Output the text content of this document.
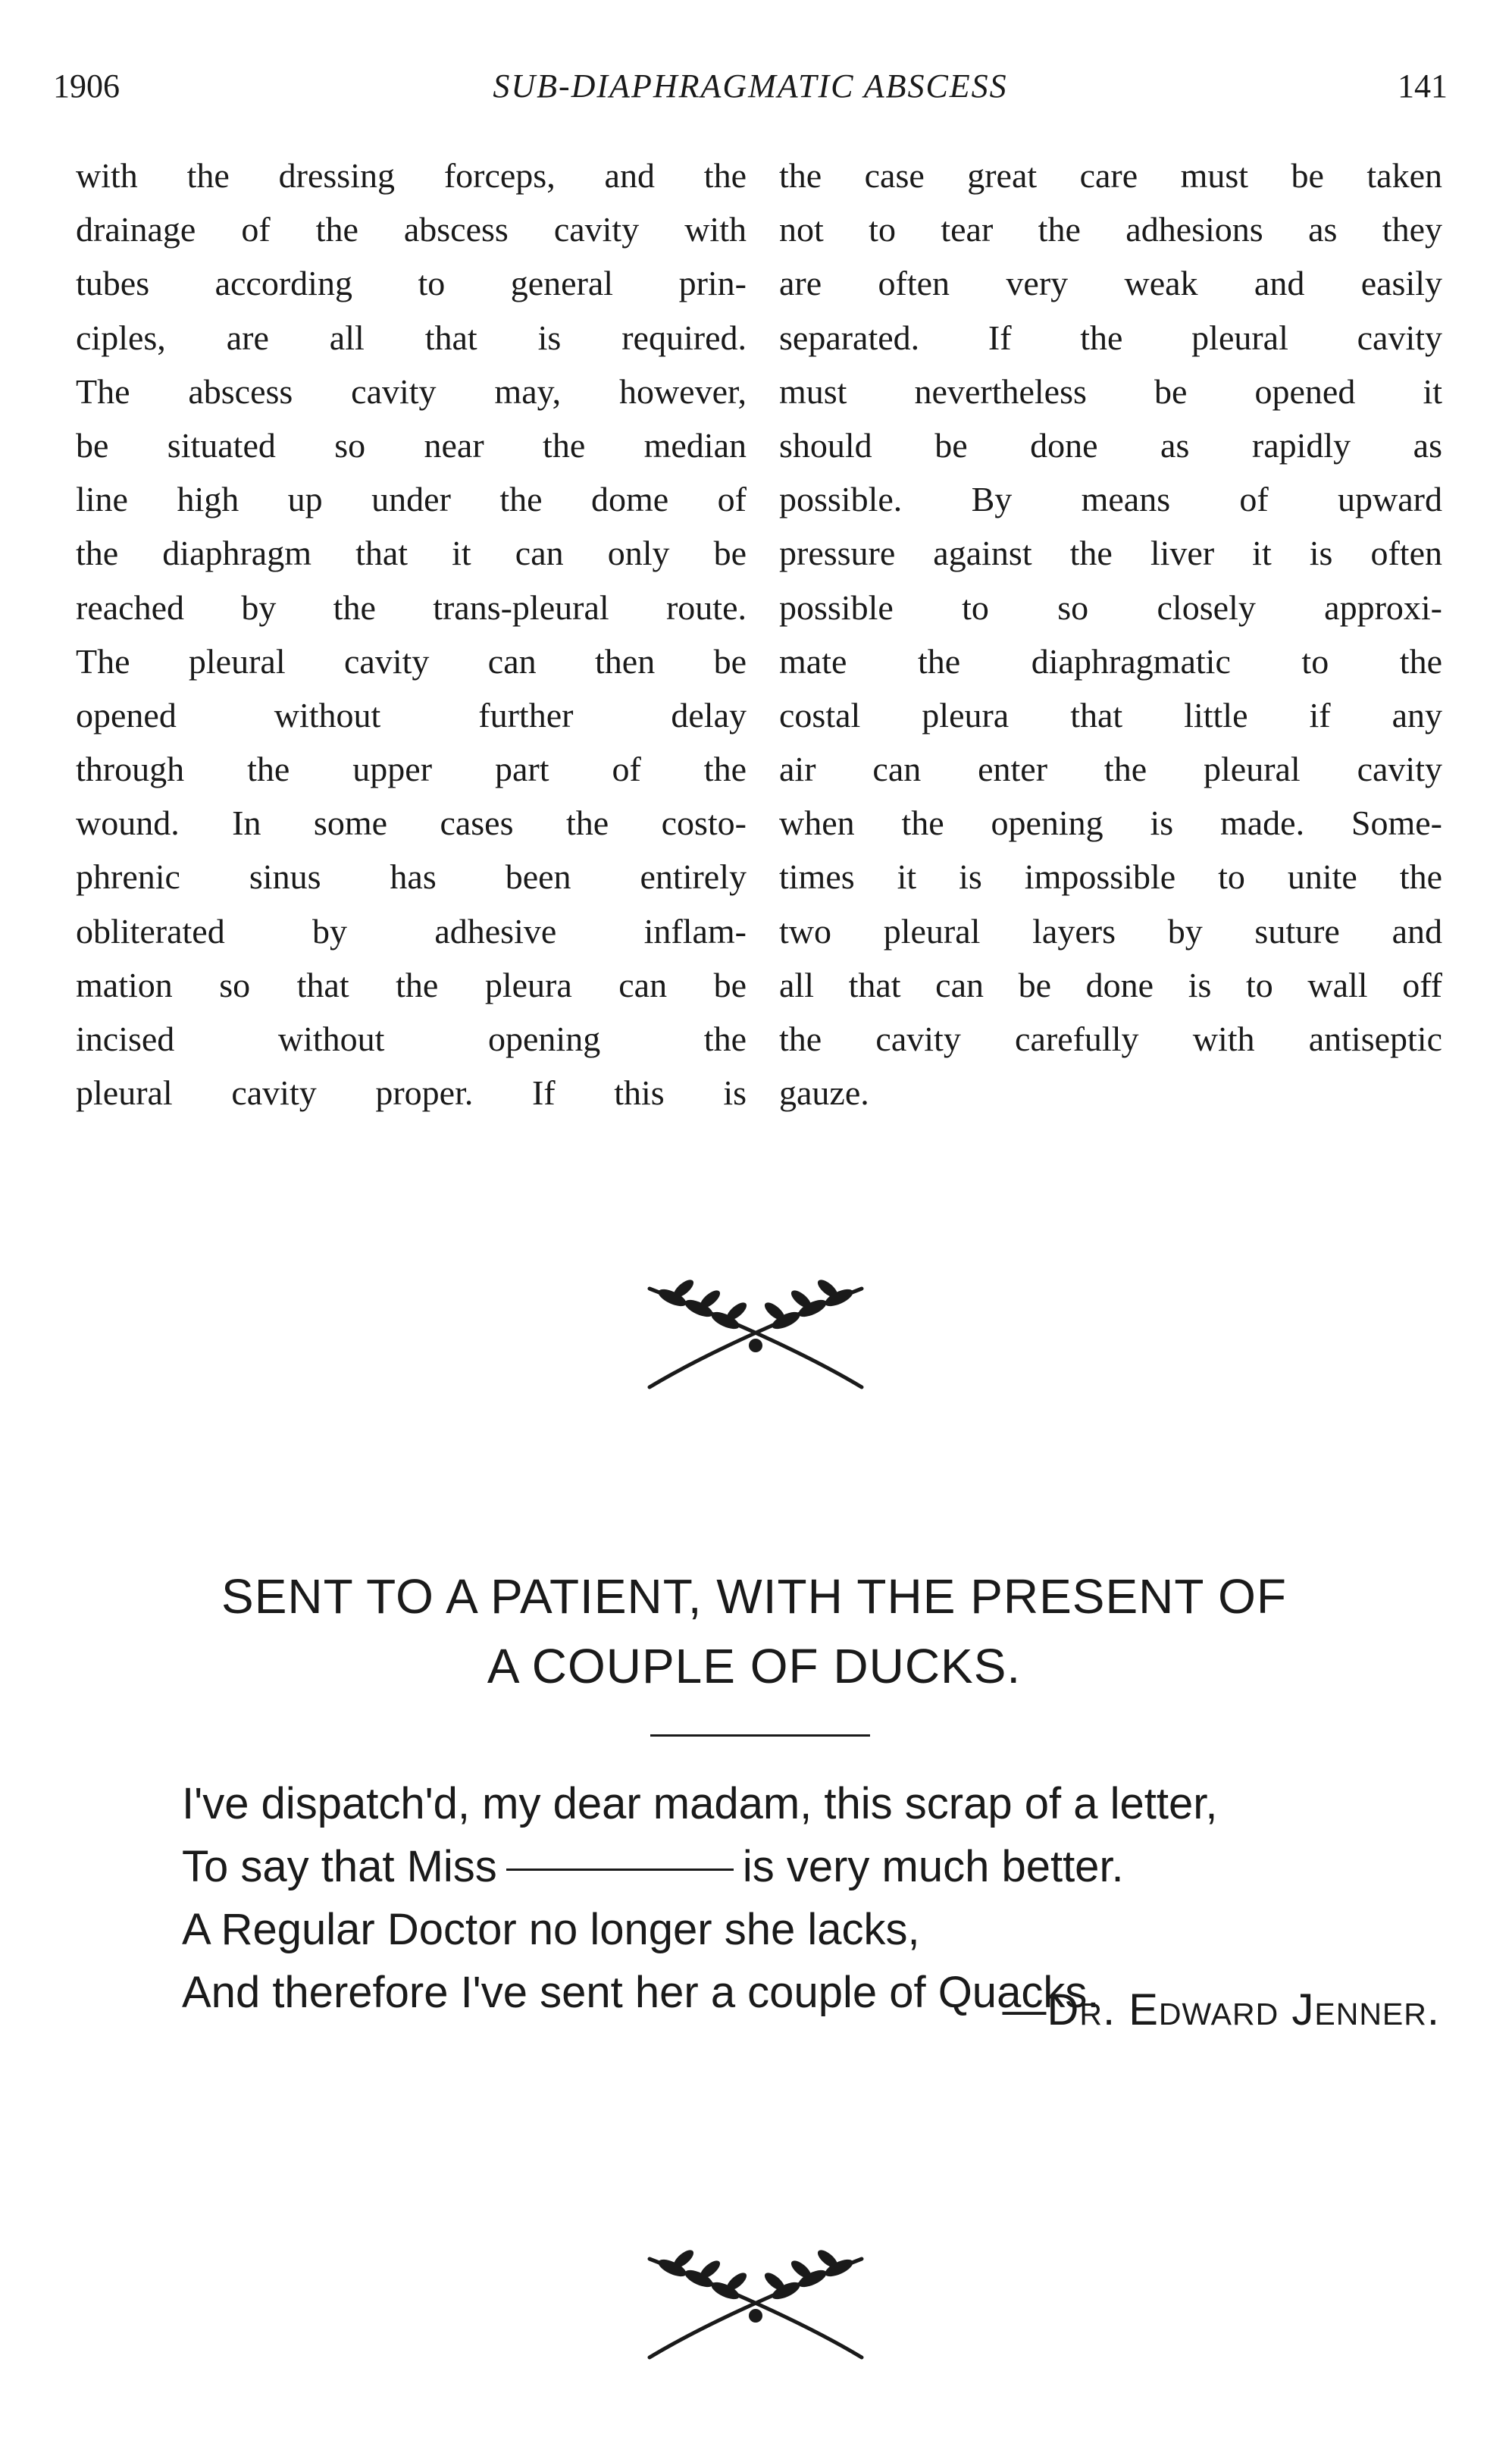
1906	SUB-DIAPHRAGMATIC ABSCESS	141
with the dressing forceps, and the
drainage of the abscess cavity with
tubes according to general prin-
ciples, are all that is required.
The abscess cavity may, however,
be situated so near the median
line high up under the dome of
the diaphragm that it can only be
reached by the trans-pleural route.
The pleural cavity can then be
opened without further delay
through the upper part of the
wound. In some cases the costo-
phrenic sinus has been entirely
obliterated by adhesive inflam-
mation so that the pleura can be
incised without opening the
pleural cavity proper. If this is
the case great care must be taken
not to tear the adhesions as they
are often very weak and easily
separated. If the pleural cavity
must nevertheless be opened it
should be done as rapidly as
possible. By means of upward
pressure against the liver it is often
possible to so closely approxi-
mate the diaphragmatic to the
costal pleura that little if any
air can enter the pleural cavity
when the opening is made. Some-
times it is impossible to unite the
two pleural layers by suture and
all that can be done is to wall off
the cavity carefully with antiseptic
gauze.
SENT TO A PATIENT, WITH THE PRESENT OF
A COUPLE OF DUCKS.
I've dispatch'd, my dear madam, this scrap of a letter,
To say that Miss	is very much better.
A Regular Doctor no longer she lacks,
And therefore I've sent her a couple of Quacks.
—Dr. Edward Jenner.
